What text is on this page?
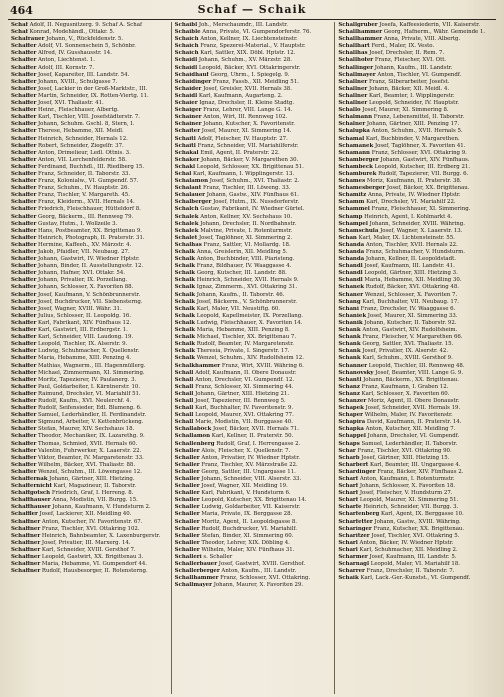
464	Schaf — Schaik
Schaf Adolf, II. Negusnitzerg. 9. Schaf A. Schaf
Schaf Konrad, Modehändl., Ottakr. 5.
Schafrauer Johann, V., Rückfeldenstr. 5.
Schaffer Adolf, VI. Sonnenschein 5, Schönbr.
Schaffer Alfred, IV. Gusshausstr. 14.
Schaffer Anton, Liechtenst. 1.
Schaffer Adolf, III. Kornstr. 7.
Schaffer Josef, Kapareiter, III. Landstr. 54.
Schaffer Johann, XVIII., Schulgasse 7.
Schaffer Josef, Lackier in der Groß-Marktstr., III.
Schaffer Martin, Schneider, IX. Rotten-Viertg. 11.
Schaffer Josef, XVI. Thaliastr. 41.
Schaffer Heinr., Fleischhauer, Albertg.
Schaffer Karl, Tischler, VIII. Josefstädterstr. 7.
Schaffer Johann, Schuhm. Gschl. 8, Stern, I.
Schaffer Therese, Hebamme, XII. Meidl.
Schaffer Heinrich, Schneider, Hernals 12.
Schaffer Robert, Schneider, Ziegelfr. 37.
Schaffer Anton, Drimelieur, Ledl. Ottnis. 3.
Schaffer Anton, VII. Lerchenfelderstr. 58.
Schaffer Ferdinand, Buchhdl., III. Riedlberg 15.
Schaffer Franz, Schneider, II. Taborstr. 33.
Schaffer Franz, Kolonialw., VI. Gumpendf. 57.
Schaffer Franz, Schuhm., IV. Hauptstr. 26.
Schaffer Franz, Tischler, V. Margareth. 45.
Schaffer Franz, Kleiderm., XVII. Hernals 14.
Schaffer Friedrich, Fleischhauer, Hütteldorf 8.
Schaffer Georg, Bäckerm., III. Rennweg 79.
Schaffer Gustav, Hutm., I. Wollzeile 3.
Schaffer Hans, Postbeamter, XX. Brigittenau 9.
Schaffer Heinrich, Photograph, II. Praterstr. 31.
Schaffer Hermine, Kaffeeh., XV. Märzstr. 4.
Schaffer Jakob, Pfaidler, VII. Neubaug. 27.
Schaffer Johann, Gastwirt, IV. Wiedner Hptstr.
Schaffer Johann, Binder, II. Ausstellungsstr. 12.
Schaffer Johann, Hafner, XVI. Ottakr. 54.
Schaffer Johann, Privatier, IX. Porzellang.
Schaffer Johann, Schlosser, X. Favoriten 88.
Schaffer Josef, Kaufmann, V. Schönbrunnerstr.
Schaffer Josef, Buchdrucker, VII. Siebensterng.
Schaffer Josef, Wagner, XVIII. Währ. 31.
Schaffer Julius, Schlosser, II. Leopoldg. 16.
Schaffer Karl, Fabrikant, XIV. Fünfhaus 12.
Schaffer Karl, Gastwirt, III. Erdbergstr. 1.
Schaffer Karl, Schneider, VIII. Laudong. 19.
Schaffer Leopold, Tischler, IX. Alserstr. 9.
Schaffer Ludwig, Schuhmacher, X. Quellenstr.
Schaffer Maria, Hebamme, XIII. Penzing 4.
Schaffer Mathias, Wagnerm., III. Hagenmüllerg.
Schaffer Michael, Zimmermann, XI. Simmering.
Schaffer Moritz, Tapezierer, IV. Paulanerg. 3.
Schaffer Paul, Goldarbeiter, I. Kärntnerstr. 10.
Schaffer Raimund, Drechsler, VI. Mariahilf 51.
Schaffer Rudolf, Kaufm., XVI. Neulerchf. 4.
Schaffer Rudolf, Seifensieder, Edl. Blumeng. 6.
Schaffer Samuel, Lederhändler, II. Ferdinandstr.
Schaffer Sigmund, Arbeiter, V. Kettenbrückeng.
Schaffer Stefan, Maurer, XIV. Sechshaus 18.
Schaffer Theodor, Mechaniker, IX. Lazarethg. 9.
Schaffer Thomas, Schmied, XVII. Hernals 60.
Schaffer Valentin, Fuhrwerker, X. Laaerstr. 22.
Schaffer Viktor, Beamter, IV. Margaretenstr. 33.
Schaffer Wilhelm, Bäcker, XVI. Thaliastr. 88.
Schaffer Wenzel, Schuhm., III. Löwengasse 12.
Schaffernak Johann, Gärtner, XIII. Hietzing.
Schaffernicht Karl, Magazineur, II. Taborstr.
Schaffgotsch Friedrich, Graf, I. Herreng. 8.
Schaffhauser Anna, Modistin, VII. Burgg. 15.
Schaffhauser Johann, Kaufmann, V. Hundsturm 2.
Schaffler Josef, Lackierer, XII. Meidling 40.
Schaffner Anton, Kutscher, IV. Favoritenstr. 67.
Schaffner Franz, Tischler, XVI. Ottakring 102.
Schaffner Heinrich, Bahnbeamter, X. Laxenburgerstr.
Schaffner Josef, Privatier, III. Marxerg. 14.
Schaffner Karl, Schneider, XVIII. Gersthof 7.
Schaffner Leopold, Gastwirt, XX. Brigittenau 3.
Schaffner Maria, Hebamme, VI. Gumpendorf 44.
Schaffner Rudolf, Hausbesorger, II. Rotensterng.
Schaibl Joh., Merschaumdr., III. Landstr.
Schaible Anna, Private, VI. Gumpendorferstr. 76.
Schaich Anton, Kellner, IX. Liechtensteinstr.
Schaich Franz, Spezerei-Material., V. Hauptstr.
Schaich Karl, Sattler, XIX. Döbl. Hptstr. 12.
Schaidl Johann, Schuhm., XV. Märzstr. 28.
Schaidl Leopold, Bäcker, XVI. Ottakringerstr.
Schaidhauf Georg, Uhrm., I. Spiegelg. 9.
Schaidinger Franz, Fassb., XII. Meidling 51.
Schaider Josef, Greisler, XVII. Hernals 38.
Schaidl Karl, Kaufmann, Augarteng. 2.
Schaier Ignaz, Drechsler, II. Kleine Stadtg.
Schaiger Franz, Lehrer, VIII. Lange G. 14.
Schainer Anton, Wirt, III. Rennweg 102.
Schainer Johann, Kutscher, X. Favoritenstr.
Schaiter Josef, Maurer, XI. Simmering 14.
Schaitl Adolf, Fleischer, IV. Hauptstr. 27.
Schaitl Franz, Schneider, VII. Mariahilferstr.
Schakal Emil, Agent, II. Praterstr. 22.
Schaker Johann, Bäcker, V. Margarethen 30.
Schakl Leopold, Schlosser, XX. Brigittenau 51.
Schal Karl, Kaufmann, I. Wipplingerstr. 13.
Schalamon Josef, Schuhm., XVI. Thaliastr. 2.
Schalant Franz, Tischler, III. Löweng. 33.
Schalauer Johann, Gastw., XIV. Fünfhaus 61.
Schalberger Josef, Hutm., IX. Nussdorferstr.
Schalch Gustav, Fabrikant, IV. Wiedner Gürtel.
Schalek Anton, Kellner, XV. Sechshaus 10.
Schalek Johann, Drechsler, II. Nordbahnstr.
Schalek Malvine, Private, I. Rotenturmstr.
Schalet Josef, Taglöhner, XI. Simmering 2.
Schalhas Franz, Sattler, VI. Mollardg. 18.
Schalk Anna, Greislerin, XII. Meidling 5.
Schalk Anton, Buchbinder, VIII. Piaristeng.
Schalk Franz, Bildhauer, IV. Waaggasse 4.
Schalk Georg, Kutscher, III. Landstr. 88.
Schalk Heinrich, Schneider, XVII. Hernals 9.
Schalk Ignaz, Zimmerm., XVI. Ottakring 31.
Schalk Johann, Kaufm., II. Taborstr. 46.
Schalk Josef, Bäckerm., V. Schönbrunnerstr.
Schalk Karl, Maler, VII. Neustiftg. 60.
Schalk Leopold, Kapellmeister, IX. Porzellang.
Schalk Ludwig, Fleischhauer, X. Favoriten 14.
Schalk Maria, Hebamme, XIII. Penzing 8.
Schalk Michael, Tischler, XX. Brigittenau 7.
Schalk Rudolf, Beamter, IV. Margaretenstr.
Schalk Theresia, Private, I. Singerstr. 17.
Schalk Wenzel, Schuhm., XIV. Rudolfsheim 12.
Schalkhammer Franz, Wirt, XVIII. Währing 6.
Schall Adolf, Kaufmann, II. Obere Donaustr.
Schall Anton, Drechsler, VI. Gumpendf. 12.
Schall Franz, Schlosser, XI. Simmering 44.
Schall Johann, Gärtner, XIII. Hietzing 21.
Schall Josef, Tapezierer, III. Rennweg 5.
Schall Karl, Buchhalter, IV. Favoritenstr. 9.
Schall Leopold, Maurer, XVI. Ottakring 77.
Schall Marie, Modistin, VII. Burggasse 40.
Schallaböck Josef, Bäcker, XVII. Hernals 71.
Schallamon Karl, Kellner, II. Praterstr. 50.
Schallenberg Rudolf, Graf, I. Herrengasse 2.
Schaller Alois, Fleischer, X. Quellenstr. 7.
Schaller Anton, Privatier, IV. Wiedner Hptstr.
Schaller Franz, Tischler, XV. Märzstraße 22.
Schaller Georg, Sattler, III. Ungargasse 11.
Schaller Johann, Schneider, VIII. Alserstr. 33.
Schaller Josef, Wagner, XII. Meidling 19.
Schaller Karl, Fabrikant, V. Hundsturm 6.
Schaller Leopold, Kutscher, XX. Brigittenau 14.
Schaller Ludwig, Goldarbeiter, VII. Kaiserstr.
Schaller Maria, Private, IX. Berggasse 28.
Schaller Moritz, Agent, II. Leopoldsgasse 8.
Schaller Rudolf, Buchdrucker, VI. Mariahilf.
Schaller Stefan, Binder, XI. Simmering 60.
Schaller Theodor, Lehrer, XIX. Döbling 4.
Schaller Wilhelm, Maler, XIV. Fünfhaus 31.
Schalleri s. Schaller
Schallerbauer Josef, Gastwirt, XVIII. Gersthof.
Schallerberger Anton, Kaufm., III. Landstr.
Schallhammer Franz, Schlosser, XVI. Ottakring.
Schallmayer Johann, Maurer, X. Favoriten 29.
Schallgruber Josefa, Kaffeesiederin, VII. Kaiserstr.
Schallhammer Georg, Hafnerm., Währ. Gemeinde 1.
Schallhammer Anna, Private, VIII. Albertg.
Schallhart Ferd., Maler, IX. Vesto.
Schallhas Josef, Drechsler, II. Rem. 7.
Schallhofer Franz, Fleischer, XVI. Ott.
Schallinger Johann, Kaufm., III. Landstr.
Schallmayer Anton, Tischler, VI. Gumpendf.
Schallner Franz, Silberarbeiter, Josefst.
Schallner Johann, Bäcker, XII. Meidl. 4.
Schallner Karl, Beamter, I. Wipplingerstr.
Schallner Leopold, Schneider, IV. Hauptstr.
Schallo Josef, Maurer, XI. Simmering 8.
Schalmann Franz, Lebensmittel, II. Taborstr.
Schalner Johann, Gärtner, XIII. Penzing 17.
Schalupka Anton, Schuhm., XVII. Hernals 5.
Schamal Karl, Buchbinder, V. Margarethen.
Schamanek Josef, Taglöhner, X. Favoriten 41.
Schamann Franz, Schlosser, XVI. Ottakring 9.
Schamberger Johann, Gastwirt, XIV. Fünfhaus.
Schambeck Leopold, Kutscher, III. Erdberg 21.
Schamburek Rudolf, Tapezierer, VII. Burgg. 6.
Schames Moriz, Kaufmann, II. Praterstr. 38.
Schamesberger Josef, Bäcker, XX. Brigittenau.
Schamitz Anna, Private, IV. Wiedner Hptstr.
Schamm Karl, Drechsler, VI. Mariahilf 22.
Schammel Franz, Fleischhauer, XI. Simmering.
Schamp Heinrich, Agent, I. Kohlmarkt 4.
Schampel Johann, Schneider, XVIII. Währing.
Schamschula Josef, Wagner, X. Laaerstr. 13.
Schan Karl, Maler, IX. Lichtensteinstr. 55.
Schanda Anton, Tischler, XVII. Hernals 22.
Schanda Franz, Schuhmacher, V. Hundsturm.
Schanda Johann, Kellner, II. Leopoldstadt.
Schandl Josef, Kaufmann, III. Landstr. 41.
Schandl Leopold, Gärtner, XIII. Hietzing 3.
Schandl Maria, Hebamme, XII. Meidling 30.
Schanek Rudolf, Bäcker, XVI. Ottakring 48.
Schaner Wenzel, Schlosser, X. Favoriten 7.
Schang Karl, Buchhalter, VII. Neubaug. 17.
Schani Franz, Drechsler, IV. Waaggasse 6.
Schaniek Josef, Maurer, XI. Simmering 33.
Schanik Johann, Kutscher, II. Taborstr. 92.
Schank Anton, Gastwirt, XIV. Rudolfsheim.
Schank Franz, Fleischer, V. Margarethen 66.
Schank Georg, Sattler, XVI. Thaliastr. 15.
Schank Josef, Privatier, IX. Alserstr. 42.
Schank Karl, Schuhm., XVIII. Gersthof 9.
Schanner Leopold, Tischler, III. Rennweg 48.
Schanovsky Josef, Beamter, VIII. Lange G. 9.
Schantl Johann, Bäckerm., XX. Brigittenau.
Schanz Franz, Kaufmann, I. Graben 12.
Schanz Karl, Schlosser, X. Favoriten 60.
Schanzer Moriz, Agent, II. Obere Donaustr.
Schapek Josef, Schneider, XVII. Hernals 19.
Schaper Wilhelm, Maler, IV. Favoritenstr.
Schapira David, Kaufmann, II. Praterstr. 14.
Schapka Anton, Kutscher, XII. Meidling 7.
Schappel Johann, Drechsler, VI. Gumpendf.
Schaps Samuel, Lederhändler, II. Taborstr.
Schar Franz, Tischler, XVI. Ottakring 90.
Scharb Josef, Gärtner, XIII. Hietzing 15.
Scharbert Karl, Beamter, III. Ungargasse 4.
Schardinger Franz, Bäcker, XIV. Fünfhaus 2.
Scharf Anton, Kaufmann, I. Rotenturmstr.
Scharf Johann, Schlosser, X. Favoriten 18.
Scharf Josef, Fleischer, V. Hundsturm 27.
Scharf Leopold, Maurer, XI. Simmering 51.
Scharfe Heinrich, Schneider, VII. Burgg. 3.
Scharfenberg Karl, Agent, IX. Berggasse 10.
Scharfetter Johann, Gastw., XVIII. Währing.
Scharinger Franz, Kutscher, XX. Brigittenau.
Scharitzer Josef, Tischler, XVI. Ottakring 5.
Scharl Anton, Bäcker, IV. Wiedner Hptstr.
Scharl Karl, Schuhmacher, XII. Meidling 2.
Scharmer Josef, Kaufmann, III. Landstr. 5.
Scharnagl Leopold, Maler, VI. Mariahilf 18.
Scharrer Franz, Drechsler, II. Taborstr. 7.
Schaik Karl, Lack.-Ger.-Kunstst., VI. Gumpendf.
